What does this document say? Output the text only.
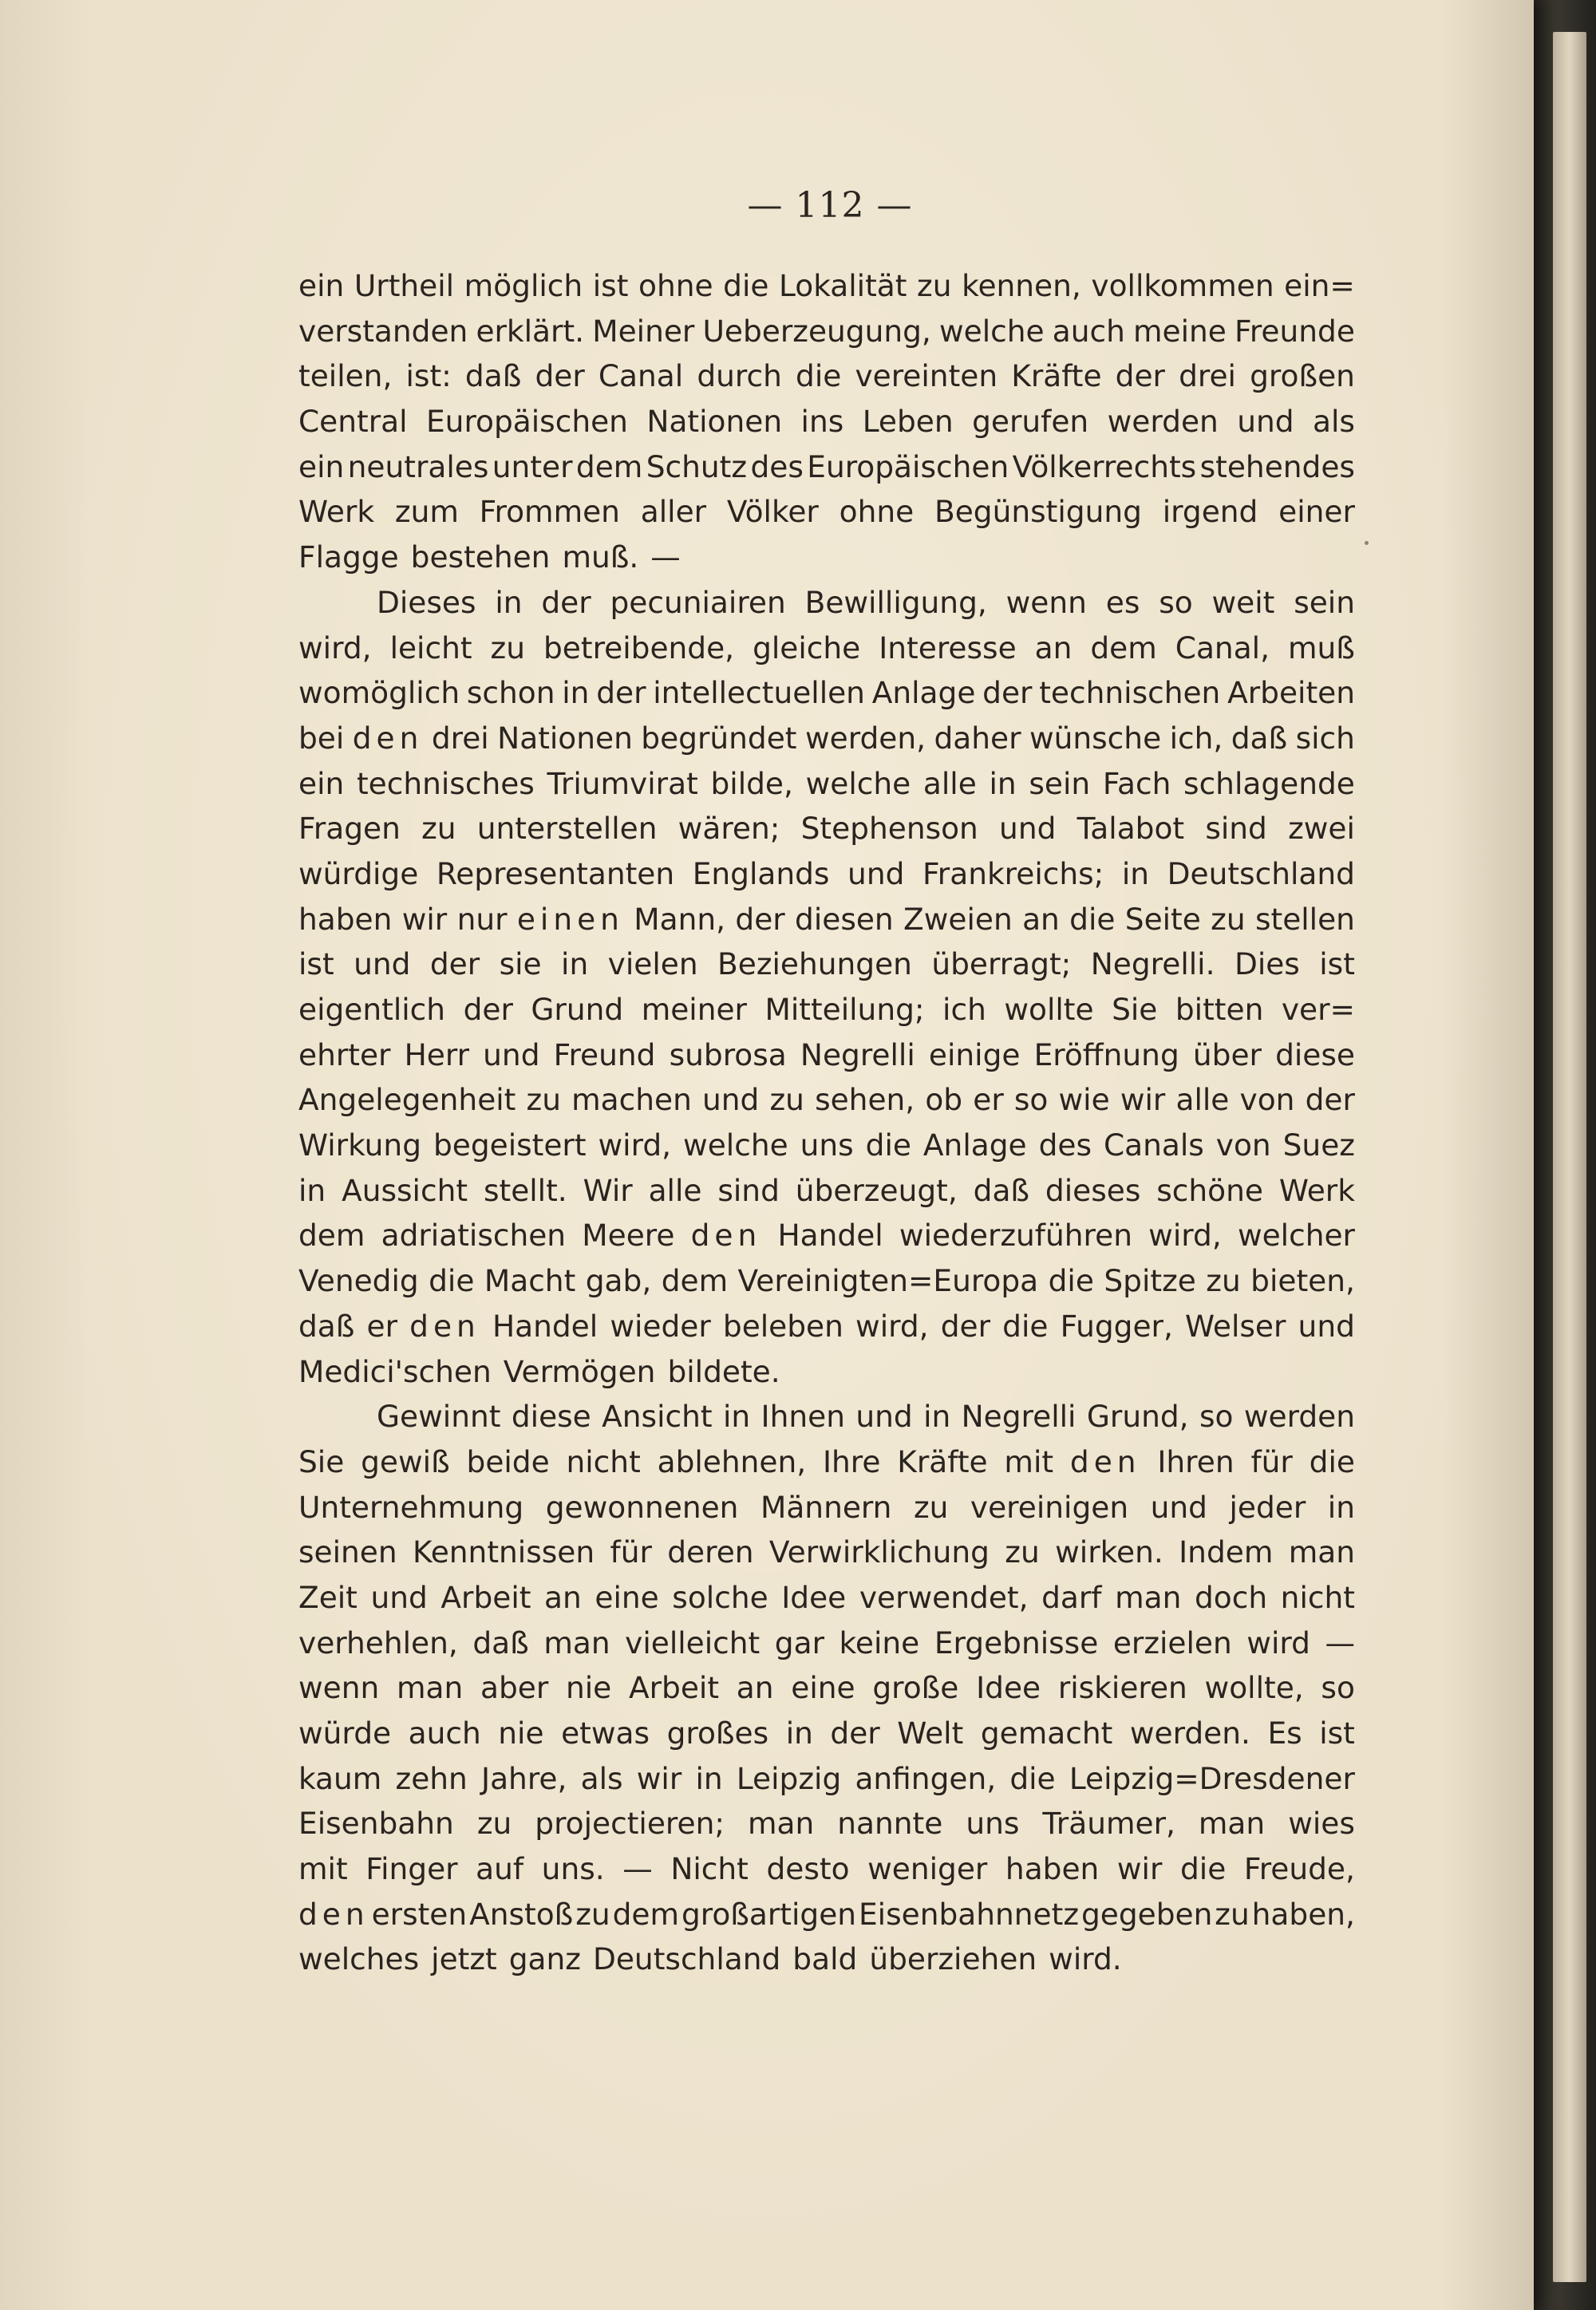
— 112 —
ein Urtheil möglich ist ohne die Lokalität zu kennen, vollkommen ein=
verstanden erklärt. Meiner Ueberzeugung, welche auch meine Freunde
teilen, ist: daß der Canal durch die vereinten Kräfte der drei großen
Central Europäischen Nationen ins Leben gerufen werden und als
ein neutrales unter dem Schutz des Europäischen Völkerrechts stehendes
Werk zum Frommen aller Völker ohne Begünstigung irgend einer
Flagge bestehen muß. —
Dieses in der pecuniairen Bewilligung, wenn es so weit sein
wird, leicht zu betreibende, gleiche Interesse an dem Canal, muß
womöglich schon in der intellectuellen Anlage der technischen Arbeiten
bei den drei Nationen begründet werden, daher wünsche ich, daß sich
ein technisches Triumvirat bilde, welche alle in sein Fach schlagende
Fragen zu unterstellen wären; Stephenson und Talabot sind zwei
würdige Representanten Englands und Frankreichs; in Deutschland
haben wir nur einen Mann, der diesen Zweien an die Seite zu stellen
ist und der sie in vielen Beziehungen überragt; Negrelli. Dies ist
eigentlich der Grund meiner Mitteilung; ich wollte Sie bitten ver=
ehrter Herr und Freund subrosa Negrelli einige Eröffnung über diese
Angelegenheit zu machen und zu sehen, ob er so wie wir alle von der
Wirkung begeistert wird, welche uns die Anlage des Canals von Suez
in Aussicht stellt. Wir alle sind überzeugt, daß dieses schöne Werk
dem adriatischen Meere den Handel wiederzuführen wird, welcher
Venedig die Macht gab, dem Vereinigten=Europa die Spitze zu bieten,
daß er den Handel wieder beleben wird, der die Fugger, Welser und
Medici'schen Vermögen bildete.
Gewinnt diese Ansicht in Ihnen und in Negrelli Grund, so werden
Sie gewiß beide nicht ablehnen, Ihre Kräfte mit den Ihren für die
Unternehmung gewonnenen Männern zu vereinigen und jeder in
seinen Kenntnissen für deren Verwirklichung zu wirken. Indem man
Zeit und Arbeit an eine solche Idee verwendet, darf man doch nicht
verhehlen, daß man vielleicht gar keine Ergebnisse erzielen wird —
wenn man aber nie Arbeit an eine große Idee riskieren wollte, so
würde auch nie etwas großes in der Welt gemacht werden. Es ist
kaum zehn Jahre, als wir in Leipzig anfingen, die Leipzig=Dresdener
Eisenbahn zu projectieren; man nannte uns Träumer, man wies
mit Finger auf uns. — Nicht desto weniger haben wir die Freude,
den ersten Anstoß zu dem großartigen Eisenbahnnetz gegeben zu haben,
welches jetzt ganz Deutschland bald überziehen wird.
